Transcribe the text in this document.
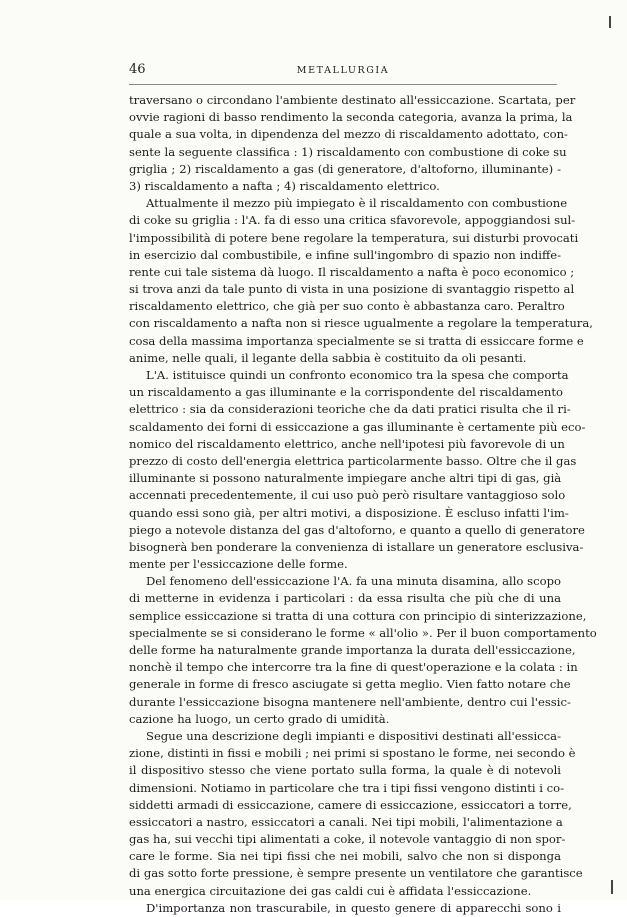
46	METALLURGIA
traversano o circondano l'ambiente destinato all'essiccazione. Scartata, per
ovvie ragioni di basso rendimento la seconda categoria, avanza la prima, la
quale a sua volta, in dipendenza del mezzo di riscaldamento adottato, con-
sente la seguente classifica : 1) riscaldamento con combustione di coke su
griglia ; 2) riscaldamento a gas (di generatore, d'altoforno, illuminante) -
3) riscaldamento a nafta ; 4) riscaldamento elettrico.
Attualmente il mezzo più impiegato è il riscaldamento con combustione
di coke su griglia : l'A. fa di esso una critica sfavorevole, appoggiandosi sul-
l'impossibilità di potere bene regolare la temperatura, sui disturbi provocati
in esercizio dal combustibile, e infine sull'ingombro di spazio non indiffe-
rente cui tale sistema dà luogo. Il riscaldamento a nafta è poco economico ;
si trova anzi da tale punto di vista in una posizione di svantaggio rispetto al
riscaldamento elettrico, che già per suo conto è abbastanza caro. Peraltro
con riscaldamento a nafta non si riesce ugualmente a regolare la temperatura,
cosa della massima importanza specialmente se si tratta di essiccare forme e
anime, nelle quali, il legante della sabbia è costituito da oli pesanti.
L'A. istituisce quindi un confronto economico tra la spesa che comporta
un riscaldamento a gas illuminante e la corrispondente del riscaldamento
elettrico : sia da considerazioni teoriche che da dati pratici risulta che il ri-
scaldamento dei forni di essiccazione a gas illuminante è certamente più eco-
nomico del riscaldamento elettrico, anche nell'ipotesi più favorevole di un
prezzo di costo dell'energia elettrica particolarmente basso. Oltre che il gas
illuminante si possono naturalmente impiegare anche altri tipi di gas, già
accennati precedentemente, il cui uso può però risultare vantaggioso solo
quando essi sono già, per altri motivi, a disposizione. È escluso infatti l'im-
piego a notevole distanza del gas d'altoforno, e quanto a quello di generatore
bisognerà ben ponderare la convenienza di istallare un generatore esclusiva-
mente per l'essiccazione delle forme.
Del fenomeno dell'essiccazione l'A. fa una minuta disamina, allo scopo
di metterne in evidenza i particolari : da essa risulta che più che di una
semplice essiccazione si tratta di una cottura con principio di sinterizzazione,
specialmente se si considerano le forme « all'olio ». Per il buon comportamento
delle forme ha naturalmente grande importanza la durata dell'essiccazione,
nonchè il tempo che intercorre tra la fine di quest'operazione e la colata : in
generale in forme di fresco asciugate si getta meglio. Vien fatto notare che
durante l'essiccazione bisogna mantenere nell'ambiente, dentro cui l'essic-
cazione ha luogo, un certo grado di umidità.
Segue una descrizione degli impianti e dispositivi destinati all'essicca-
zione, distinti in fissi e mobili ; nei primi si spostano le forme, nei secondo è
il dispositivo stesso che viene portato sulla forma, la quale è di notevoli
dimensioni. Notiamo in particolare che tra i tipi fissi vengono distinti i co-
siddetti armadi di essiccazione, camere di essiccazione, essiccatori a torre,
essiccatori a nastro, essiccatori a canali. Nei tipi mobili, l'alimentazione a
gas ha, sui vecchi tipi alimentati a coke, il notevole vantaggio di non spor-
care le forme. Sia nei tipi fissi che nei mobili, salvo che non si disponga
di gas sotto forte pressione, è sempre presente un ventilatore che garantisce
una energica circuitazione dei gas caldi cui è affidata l'essiccazione.
D'importanza non trascurabile, in questo genere di apparecchi sono i
